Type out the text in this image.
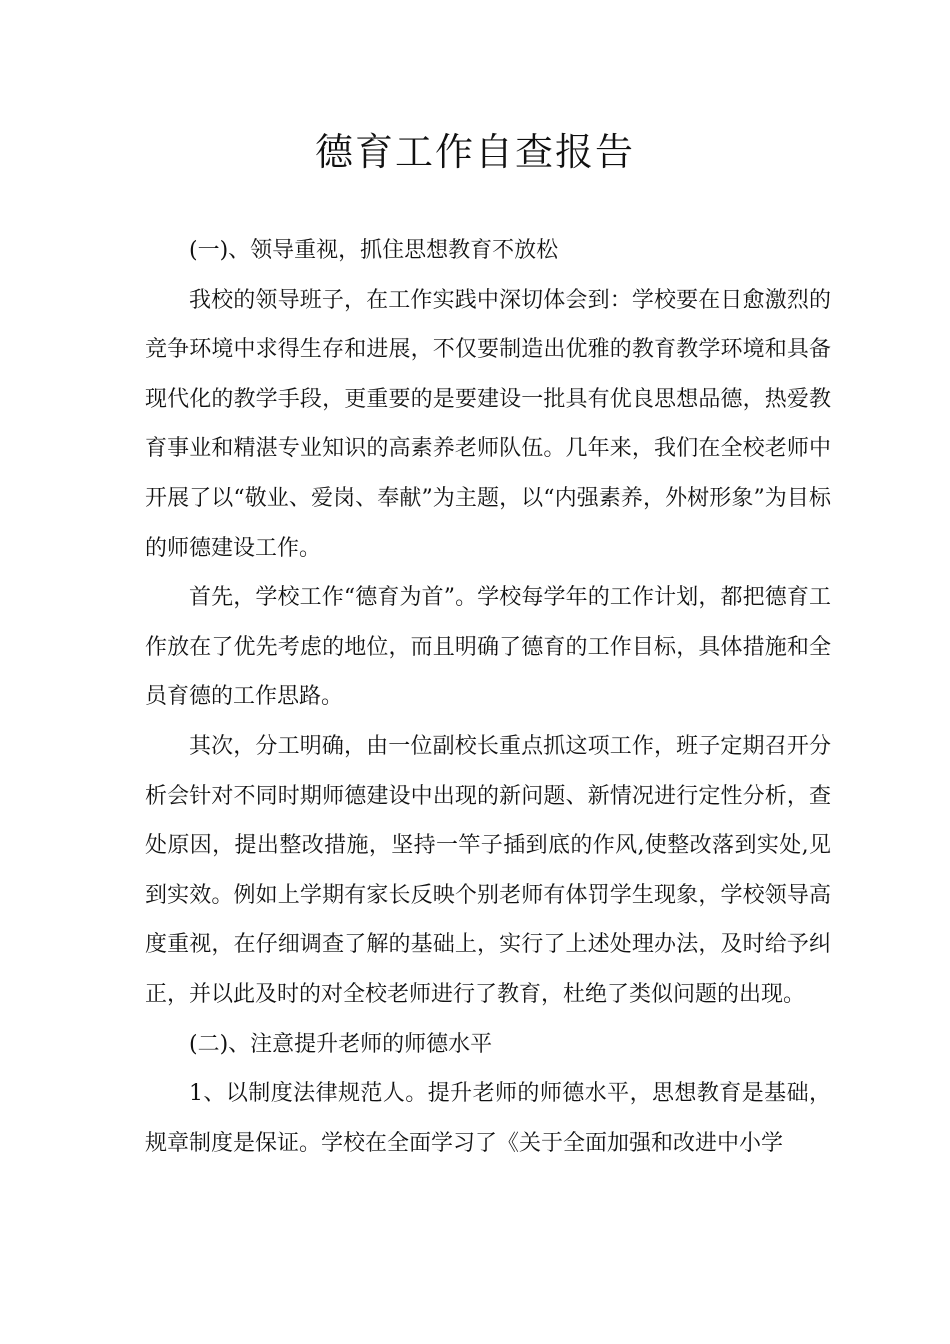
德育工作自查报告

(一)、领导重视，抓住思想教育不放松

我校的领导班子，在工作实践中深切体会到：学校要在日愈激烈的竞争环境中求得生存和进展，不仅要制造出优雅的教育教学环境和具备现代化的教学手段，更重要的是要建设一批具有优良思想品德，热爱教育事业和精湛专业知识的高素养老师队伍。几年来，我们在全校老师中开展了以“敬业、爱岗、奉献”为主题，以“内强素养，外树形象”为目标的师德建设工作。

首先，学校工作“德育为首”。学校每学年的工作计划，都把德育工作放在了优先考虑的地位，而且明确了德育的工作目标，具体措施和全员育德的工作思路。

其次，分工明确，由一位副校长重点抓这项工作，班子定期召开分析会针对不同时期师德建设中出现的新问题、新情况进行定性分析，查处原因，提出整改措施，坚持一竿子插到底的作风,使整改落到实处,见到实效。例如上学期有家长反映个别老师有体罚学生现象，学校领导高度重视，在仔细调查了解的基础上，实行了上述处理办法，及时给予纠正，并以此及时的对全校老师进行了教育，杜绝了类似问题的出现。

(二)、注意提升老师的师德水平

1、以制度法律规范人。提升老师的师德水平，思想教育是基础，规章制度是保证。学校在全面学习了《关于全面加强和改进中小学
